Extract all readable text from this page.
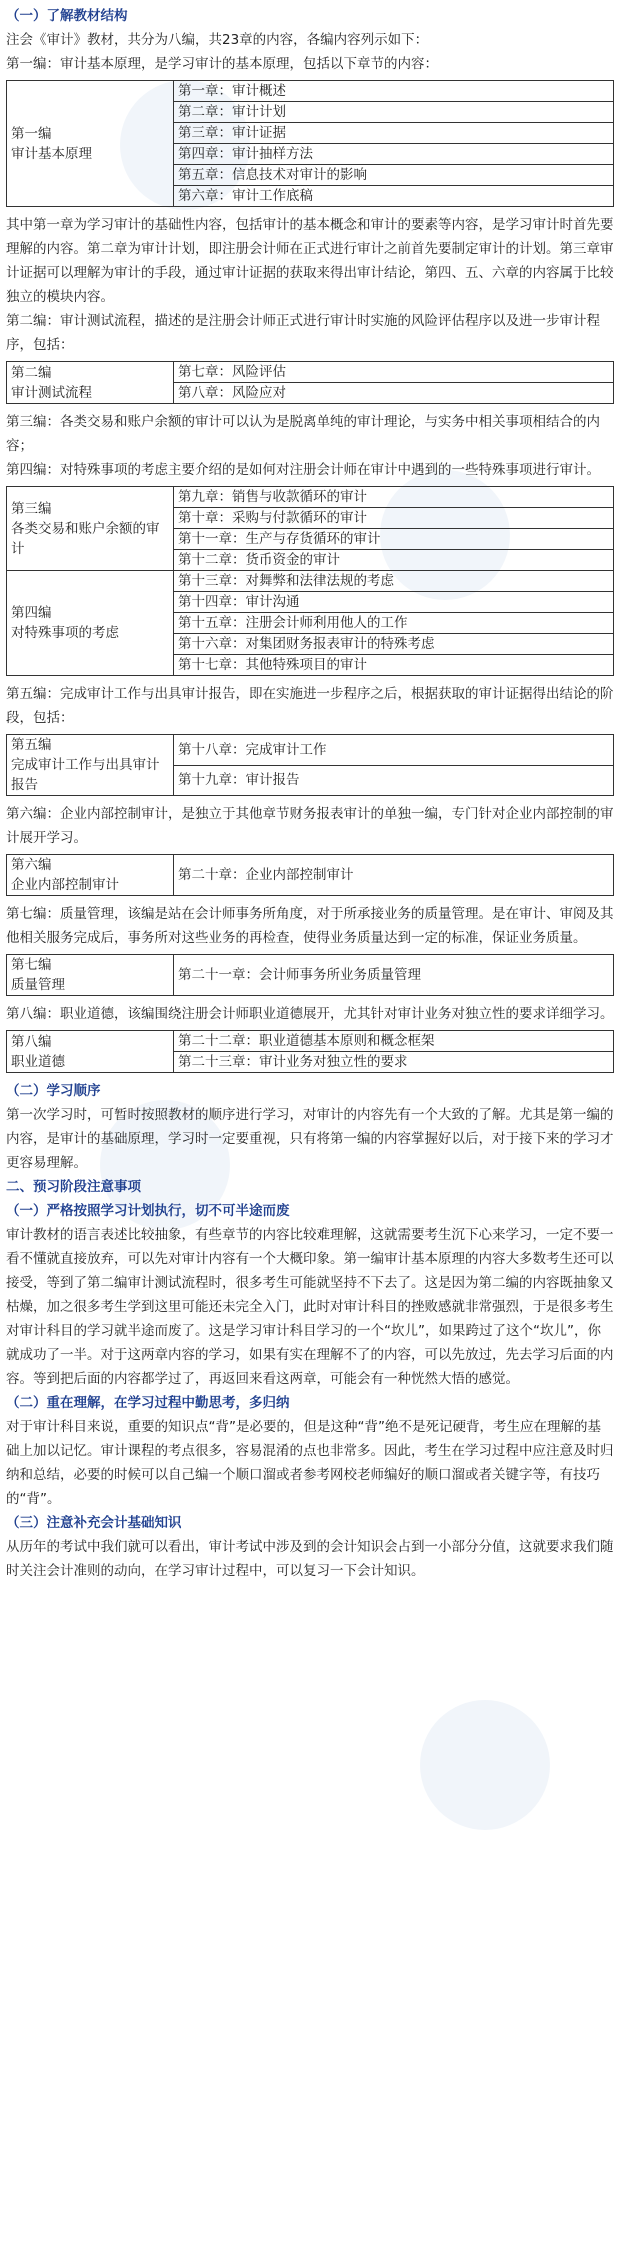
（一）了解教材结构
注会《审计》教材，共分为八编，共23章的内容，各编内容列示如下：
第一编：审计基本原理，是学习审计的基本原理，包括以下章节的内容：
第一编
审计基本原理
	第一章：审计概述
第二章：审计计划
第三章：审计证据
第四章：审计抽样方法
第五章：信息技术对审计的影响
第六章：审计工作底稿
其中第一章为学习审计的基础性内容，包括审计的基本概念和审计的要素等内容，是学习审计时首先要理解的内容。第二章为审计计划，即注册会计师在正式进行审计之前首先要制定审计的计划。第三章审计证据可以理解为审计的手段，通过审计证据的获取来得出审计结论，第四、五、六章的内容属于比较独立的模块内容。
第二编：审计测试流程，描述的是注册会计师正式进行审计时实施的风险评估程序以及进一步审计程序，包括：
第二编
审计测试流程
	第七章：风险评估
第八章：风险应对
第三编：各类交易和账户余额的审计可以认为是脱离单纯的审计理论，与实务中相关事项相结合的内容；
第四编：对特殊事项的考虑主要介绍的是如何对注册会计师在审计中遇到的一些特殊事项进行审计。
第三编
各类交易和账户余额的审计	第九章：销售与收款循环的审计
	第十章：采购与付款循环的审计
	第十一章：生产与存货循环的审计
	第十二章：货币资金的审计

第四编
对特殊事项的考虑	第十三章：对舞弊和法律法规的考虑
	第十四章：审计沟通
	第十五章：注册会计师利用他人的工作
	第十六章：对集团财务报表审计的特殊考虑
	第十七章：其他特殊项目的审计
第五编：完成审计工作与出具审计报告，即在实施进一步程序之后，根据获取的审计证据得出结论的阶段，包括：
第五编
完成审计工作与出具审计报告
	第十八章：完成审计工作
第十九章：审计报告
第六编：企业内部控制审计，是独立于其他章节财务报表审计的单独一编，专门针对企业内部控制的审计展开学习。
第六编
企业内部控制审计
	第二十章：企业内部控制审计
第七编：质量管理，该编是站在会计师事务所角度，对于所承接业务的质量管理。是在审计、审阅及其他相关服务完成后，事务所对这些业务的再检查，使得业务质量达到一定的标准，保证业务质量。
第七编
质量管理
	第二十一章：会计师事务所业务质量管理
第八编：职业道德，该编围绕注册会计师职业道德展开，尤其针对审计业务对独立性的要求详细学习。
第八编
职业道德
	第二十二章：职业道德基本原则和概念框架
第二十三章：审计业务对独立性的要求
（二）学习顺序
第一次学习时，可暂时按照教材的顺序进行学习，对审计的内容先有一个大致的了解。尤其是第一编的内容，是审计的基础原理，学习时一定要重视，只有将第一编的内容掌握好以后，对于接下来的学习才更容易理解。
二、预习阶段注意事项
（一）严格按照学习计划执行，切不可半途而废
审计教材的语言表述比较抽象，有些章节的内容比较难理解，这就需要考生沉下心来学习，一定不要一看不懂就直接放弃，可以先对审计内容有一个大概印象。第一编审计基本原理的内容大多数考生还可以接受，等到了第二编审计测试流程时，很多考生可能就坚持不下去了。这是因为第二编的内容既抽象又枯燥，加之很多考生学到这里可能还未完全入门，此时对审计科目的挫败感就非常强烈，于是很多考生对审计科目的学习就半途而废了。这是学习审计科目学习的一个“坎儿”，如果跨过了这个“坎儿”，你就成功了一半。对于这两章内容的学习，如果有实在理解不了的内容，可以先放过，先去学习后面的内容。等到把后面的内容都学过了，再返回来看这两章，可能会有一种恍然大悟的感觉。
（二）重在理解，在学习过程中勤思考，多归纳
对于审计科目来说，重要的知识点“背”是必要的，但是这种“背”绝不是死记硬背，考生应在理解的基础上加以记忆。审计课程的考点很多，容易混淆的点也非常多。因此，考生在学习过程中应注意及时归纳和总结，必要的时候可以自己编一个顺口溜或者参考网校老师编好的顺口溜或者关键字等，有技巧的“背”。
（三）注意补充会计基础知识
从历年的考试中我们就可以看出，审计考试中涉及到的会计知识会占到一小部分分值，这就要求我们随时关注会计准则的动向，在学习审计过程中，可以复习一下会计知识。
